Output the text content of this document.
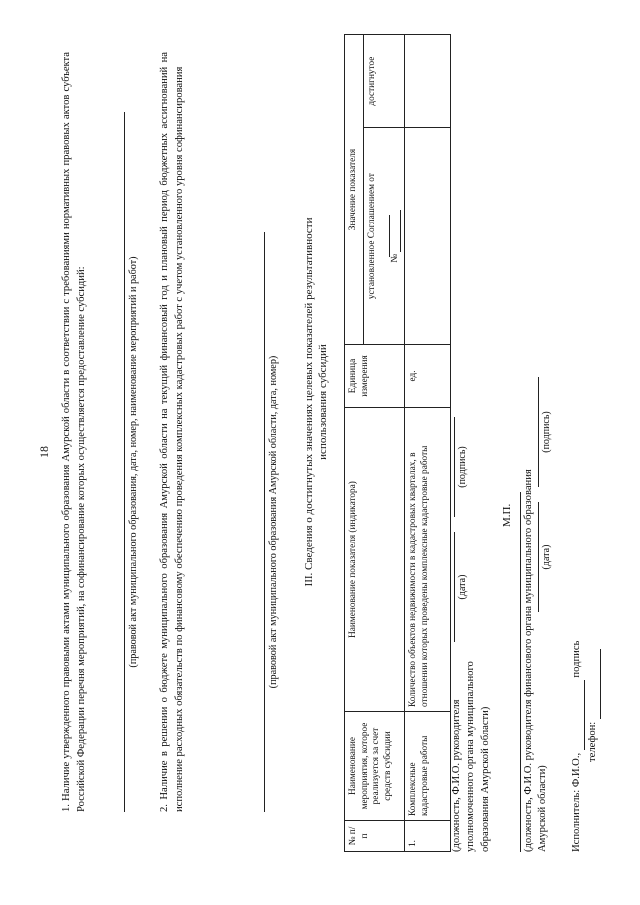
18 1. Наличие утвержденного правовыми актами муниципального образования Амурской области в соответствии с требованиями нормативных правовых актов субъекта Российской Федерации перечня мероприятий, на софинансирование которых осуществляется предоставление субсидий:	(правовой акт муниципального образования, дата, номер, наименование мероприятий и работ) 2. Наличие в решении о бюджете муниципального образования Амурской области на текущий финансовый год и плановый период бюджетных ассигнований на исполнение расходных обязательств по финансовому обеспечению проведения комплексных кадастровых работ с учетом установленного уровня софинансирования	(правовой акт муниципального образования Амурской области, дата, номер) III. Сведения о достигнутых значениях целевых показателей результативности использования субсидий
№ п/п	Наименование мероприятия, которое реализуется за счет средств субсидии	Наименование показателя (индикатора)	Единица измерения	Значение показателя	

				установленное Соглашением от №	достигнутое
1.	Комплексные кадастровые работы	Количество объектов недвижимости в кадастровых кварталах, в отношении которых проведены комплексные кадастровые работы	ед.		
(должность, Ф.И.О. руководителя уполномоченного органа муниципального образования Амурской области)
(дата)
(подпись)
М.П. (должность, Ф.И.О. руководителя финансового органа муниципального образования Амурской области)
(дата)
(подпись)
Исполнитель: Ф.И.О.,  подпись
телефон:
